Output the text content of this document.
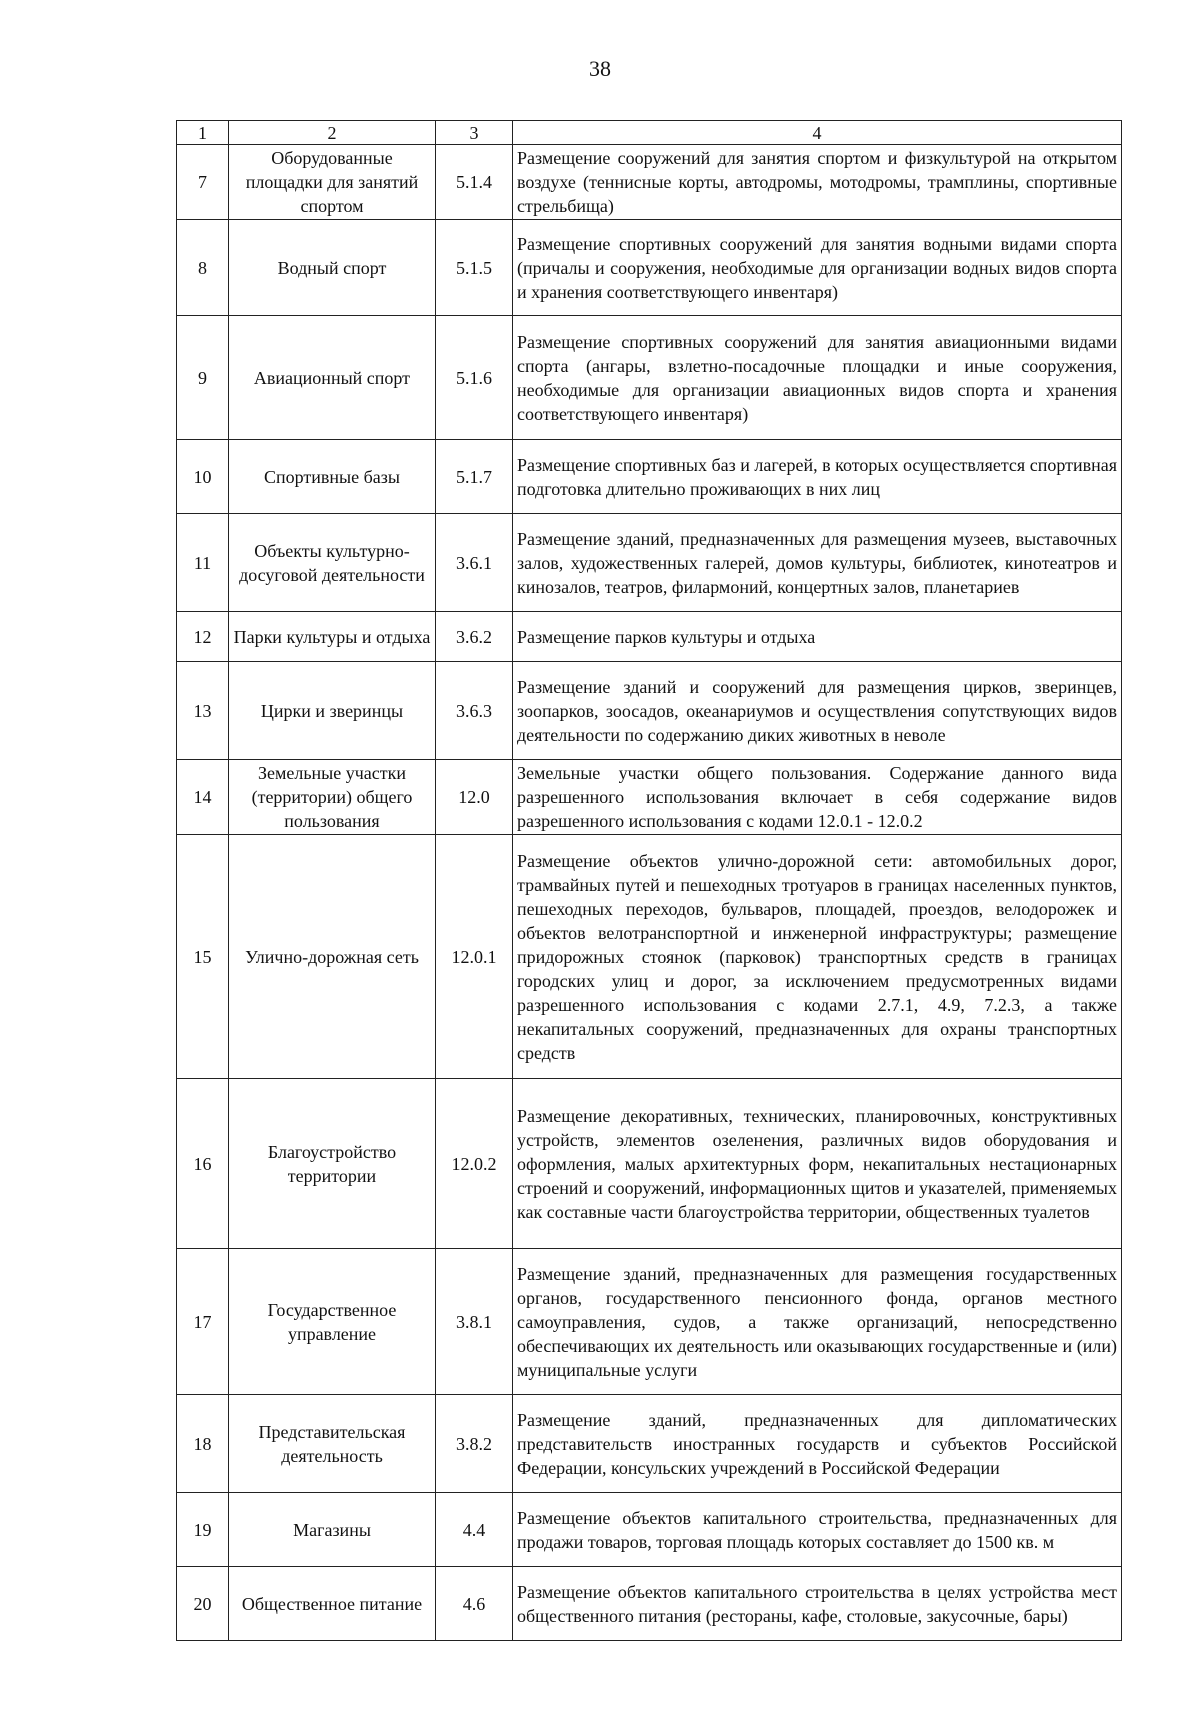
38
1	2	3	4
7	Оборудованные площадки для занятий спортом	5.1.4	Размещение сооружений для занятия спортом и физкультурой на открытом воздухе (теннисные корты, автодромы, мотодромы, трамплины, спортивные стрельбища)
8	Водный спорт	5.1.5	Размещение спортивных сооружений для занятия водными видами спорта (причалы и сооружения, необходимые для организации водных видов спорта и хранения соответствующего инвентаря)
9	Авиационный спорт	5.1.6	Размещение спортивных сооружений для занятия авиационными видами спорта (ангары, взлетно-посадочные площадки и иные сооружения, необходимые для организации авиационных видов спорта и хранения соответствующего инвентаря)
10	Спортивные базы	5.1.7	Размещение спортивных баз и лагерей, в которых осуществляется спортивная подготовка длительно проживающих в них лиц
11	Объекты культурно-досуговой деятельности	3.6.1	Размещение зданий, предназначенных для размещения музеев, выставочных залов, художественных галерей, домов культуры, библиотек, кинотеатров и кинозалов, театров, филармоний, концертных залов, планетариев
12	Парки культуры и отдыха	3.6.2	Размещение парков культуры и отдыха
13	Цирки и зверинцы	3.6.3	Размещение зданий и сооружений для размещения цирков, зверинцев, зоопарков, зоосадов, океанариумов и осуществления сопутствующих видов деятельности по содержанию диких животных в неволе
14	Земельные участки (территории) общего пользования	12.0	Земельные участки общего пользования. Содержание данного вида разрешенного использования включает в себя содержание видов разрешенного использования с кодами 12.0.1 - 12.0.2
15	Улично-дорожная сеть	12.0.1	Размещение объектов улично-дорожной сети: автомобильных дорог, трамвайных путей и пешеходных тротуаров в границах населенных пунктов, пешеходных переходов, бульваров, площадей, проездов, велодорожек и объектов велотранспортной и инженерной инфраструктуры; размещение придорожных стоянок (парковок) транспортных средств в границах городских улиц и дорог, за исключением предусмотренных видами разрешенного использования с кодами 2.7.1, 4.9, 7.2.3, а также некапитальных сооружений, предназначенных для охраны транспортных средств
16	Благоустройство территории	12.0.2	Размещение декоративных, технических, планировочных, конструктивных устройств, элементов озеленения, различных видов оборудования и оформления, малых архитектурных форм, некапитальных нестационарных строений и сооружений, информационных щитов и указателей, применяемых как составные части благоустройства территории, общественных туалетов
17	Государственное управление	3.8.1	Размещение зданий, предназначенных для размещения государственных органов, государственного пенсионного фонда, органов местного самоуправления, судов, а также организаций, непосредственно обеспечивающих их деятельность или оказывающих государственные и (или) муниципальные услуги
18	Представительская деятельность	3.8.2	Размещение зданий, предназначенных для дипломатических представительств иностранных государств и субъектов Российской Федерации, консульских учреждений в Российской Федерации
19	Магазины	4.4	Размещение объектов капитального строительства, предназначенных для продажи товаров, торговая площадь которых составляет до 1500 кв. м
20	Общественное питание	4.6	Размещение объектов капитального строительства в целях устройства мест общественного питания (рестораны, кафе, столовые, закусочные, бары)
